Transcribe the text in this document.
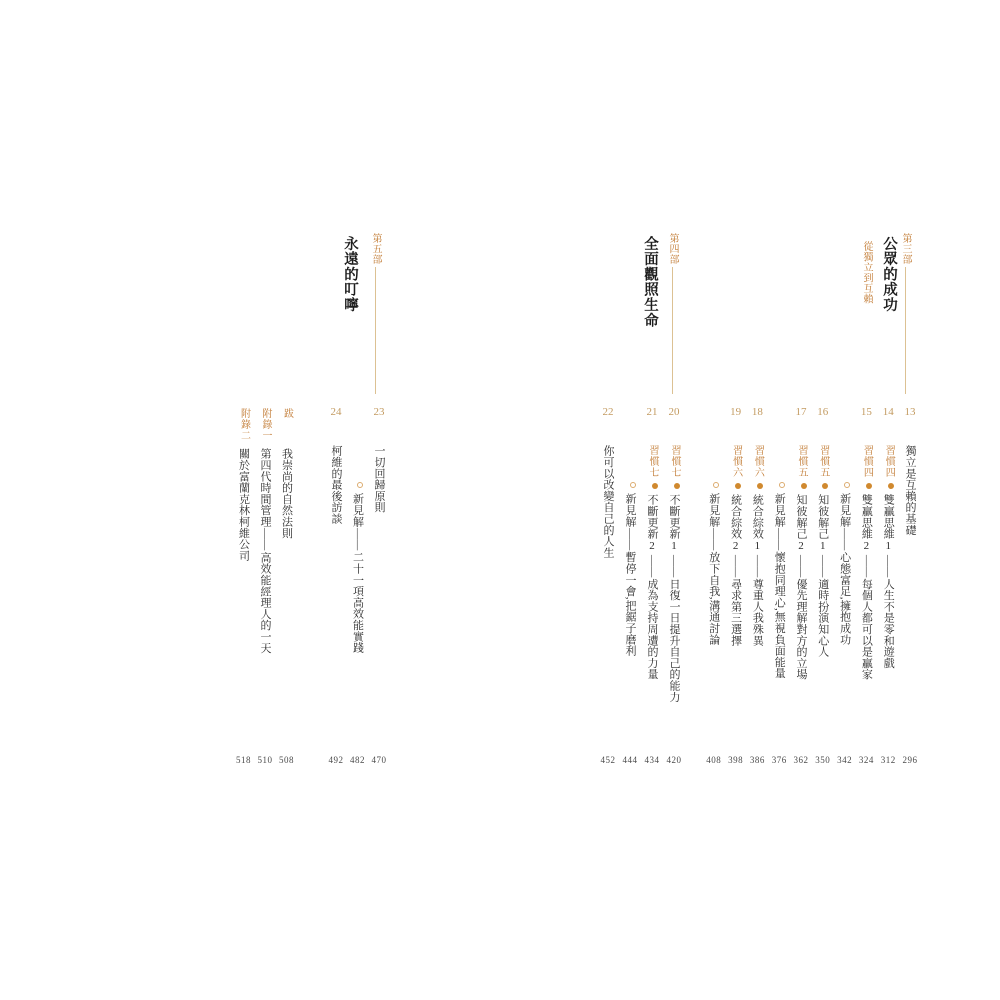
第三部
公眾的成功
從獨立到互賴
第四部
全面觀照生命
第五部
永遠的叮嚀
13
獨立是互賴的基礎
296
14
習慣四雙贏思維1——人生不是零和遊戲
312
15
習慣四雙贏思維2——每個人都可以是贏家
324
新見解——心態富足,擁抱成功
342
16
習慣五知彼解己1——適時扮演知心人
350
17
習慣五知彼解己2——優先理解對方的立場
362
新見解——懷抱同理心,無視負面能量
376
18
習慣六統合綜效1——尊重人我殊異
386
19
習慣六統合綜效2——尋求第三選擇
398
新見解——放下自我,溝通討論
408
20
習慣七不斷更新1——日復一日提升自己的能力
420
21
習慣七不斷更新2——成為支持周遭的力量
434
新見解——暫停一會,把鋸子磨利
444
22
你可以改變自己的人生
452
23
一切回歸原則
470
新見解——二十一項高效能實踐
482
24
柯維的最後訪談
492
跋
我崇尚的自然法則
508
附錄一
第四代時間管理——高效能經理人的一天
510
附錄二
關於富蘭克林柯維公司
518
